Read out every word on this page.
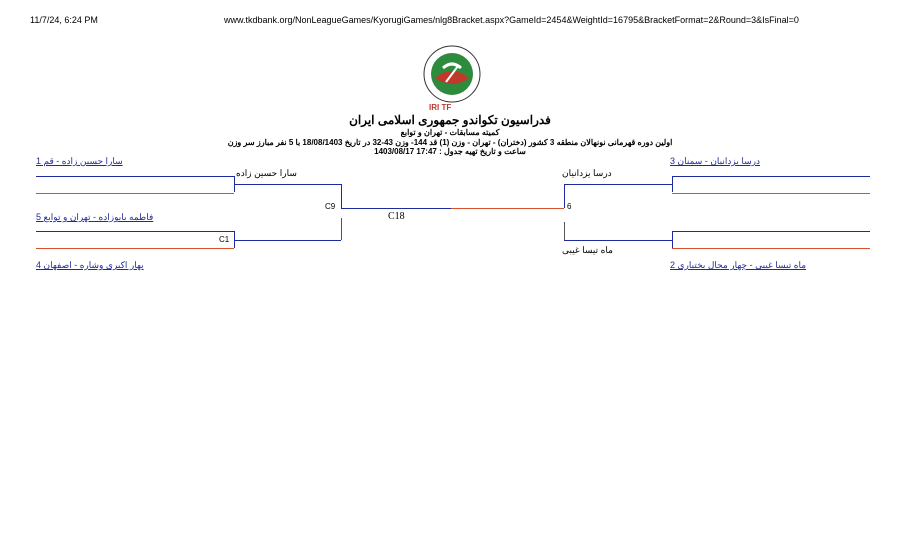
11/7/24, 6:24 PM	www.tkdbank.org/NonLeagueGames/KyorugiGames/nlg8Bracket.aspx?GameId=2454&WeightId=16795&BracketFormat=2&Round=3&IsFinal=0
IRI TF
فدراسیون تکواندو جمهوری اسلامی ایران
کمیته مسابقات - تهران و توابع
اولین دوره قهرمانی نونهالان منطقه 3 کشور (دختران) - تهران - وزن (1) قد 144- وزن 43-32 در تاریخ 18/08/1403 با 5 نفر مبارز سر وزن
ساعت و تاریخ تهیه جدول : 17:47 1403/08/17
سارا حسین زاده - قم 1
سارا حسین زاده
فاطمه بابوزاده - تهران و توابع 5
C1
بهار اکبری وشاره - اصفهان 4
C9
C18
درسا یزدانیان - سمنان 3
درسا یزدانیان
6
ماه تیسا غیبی
ماه تیسا غیبی - چهار محال بختیاری 2
